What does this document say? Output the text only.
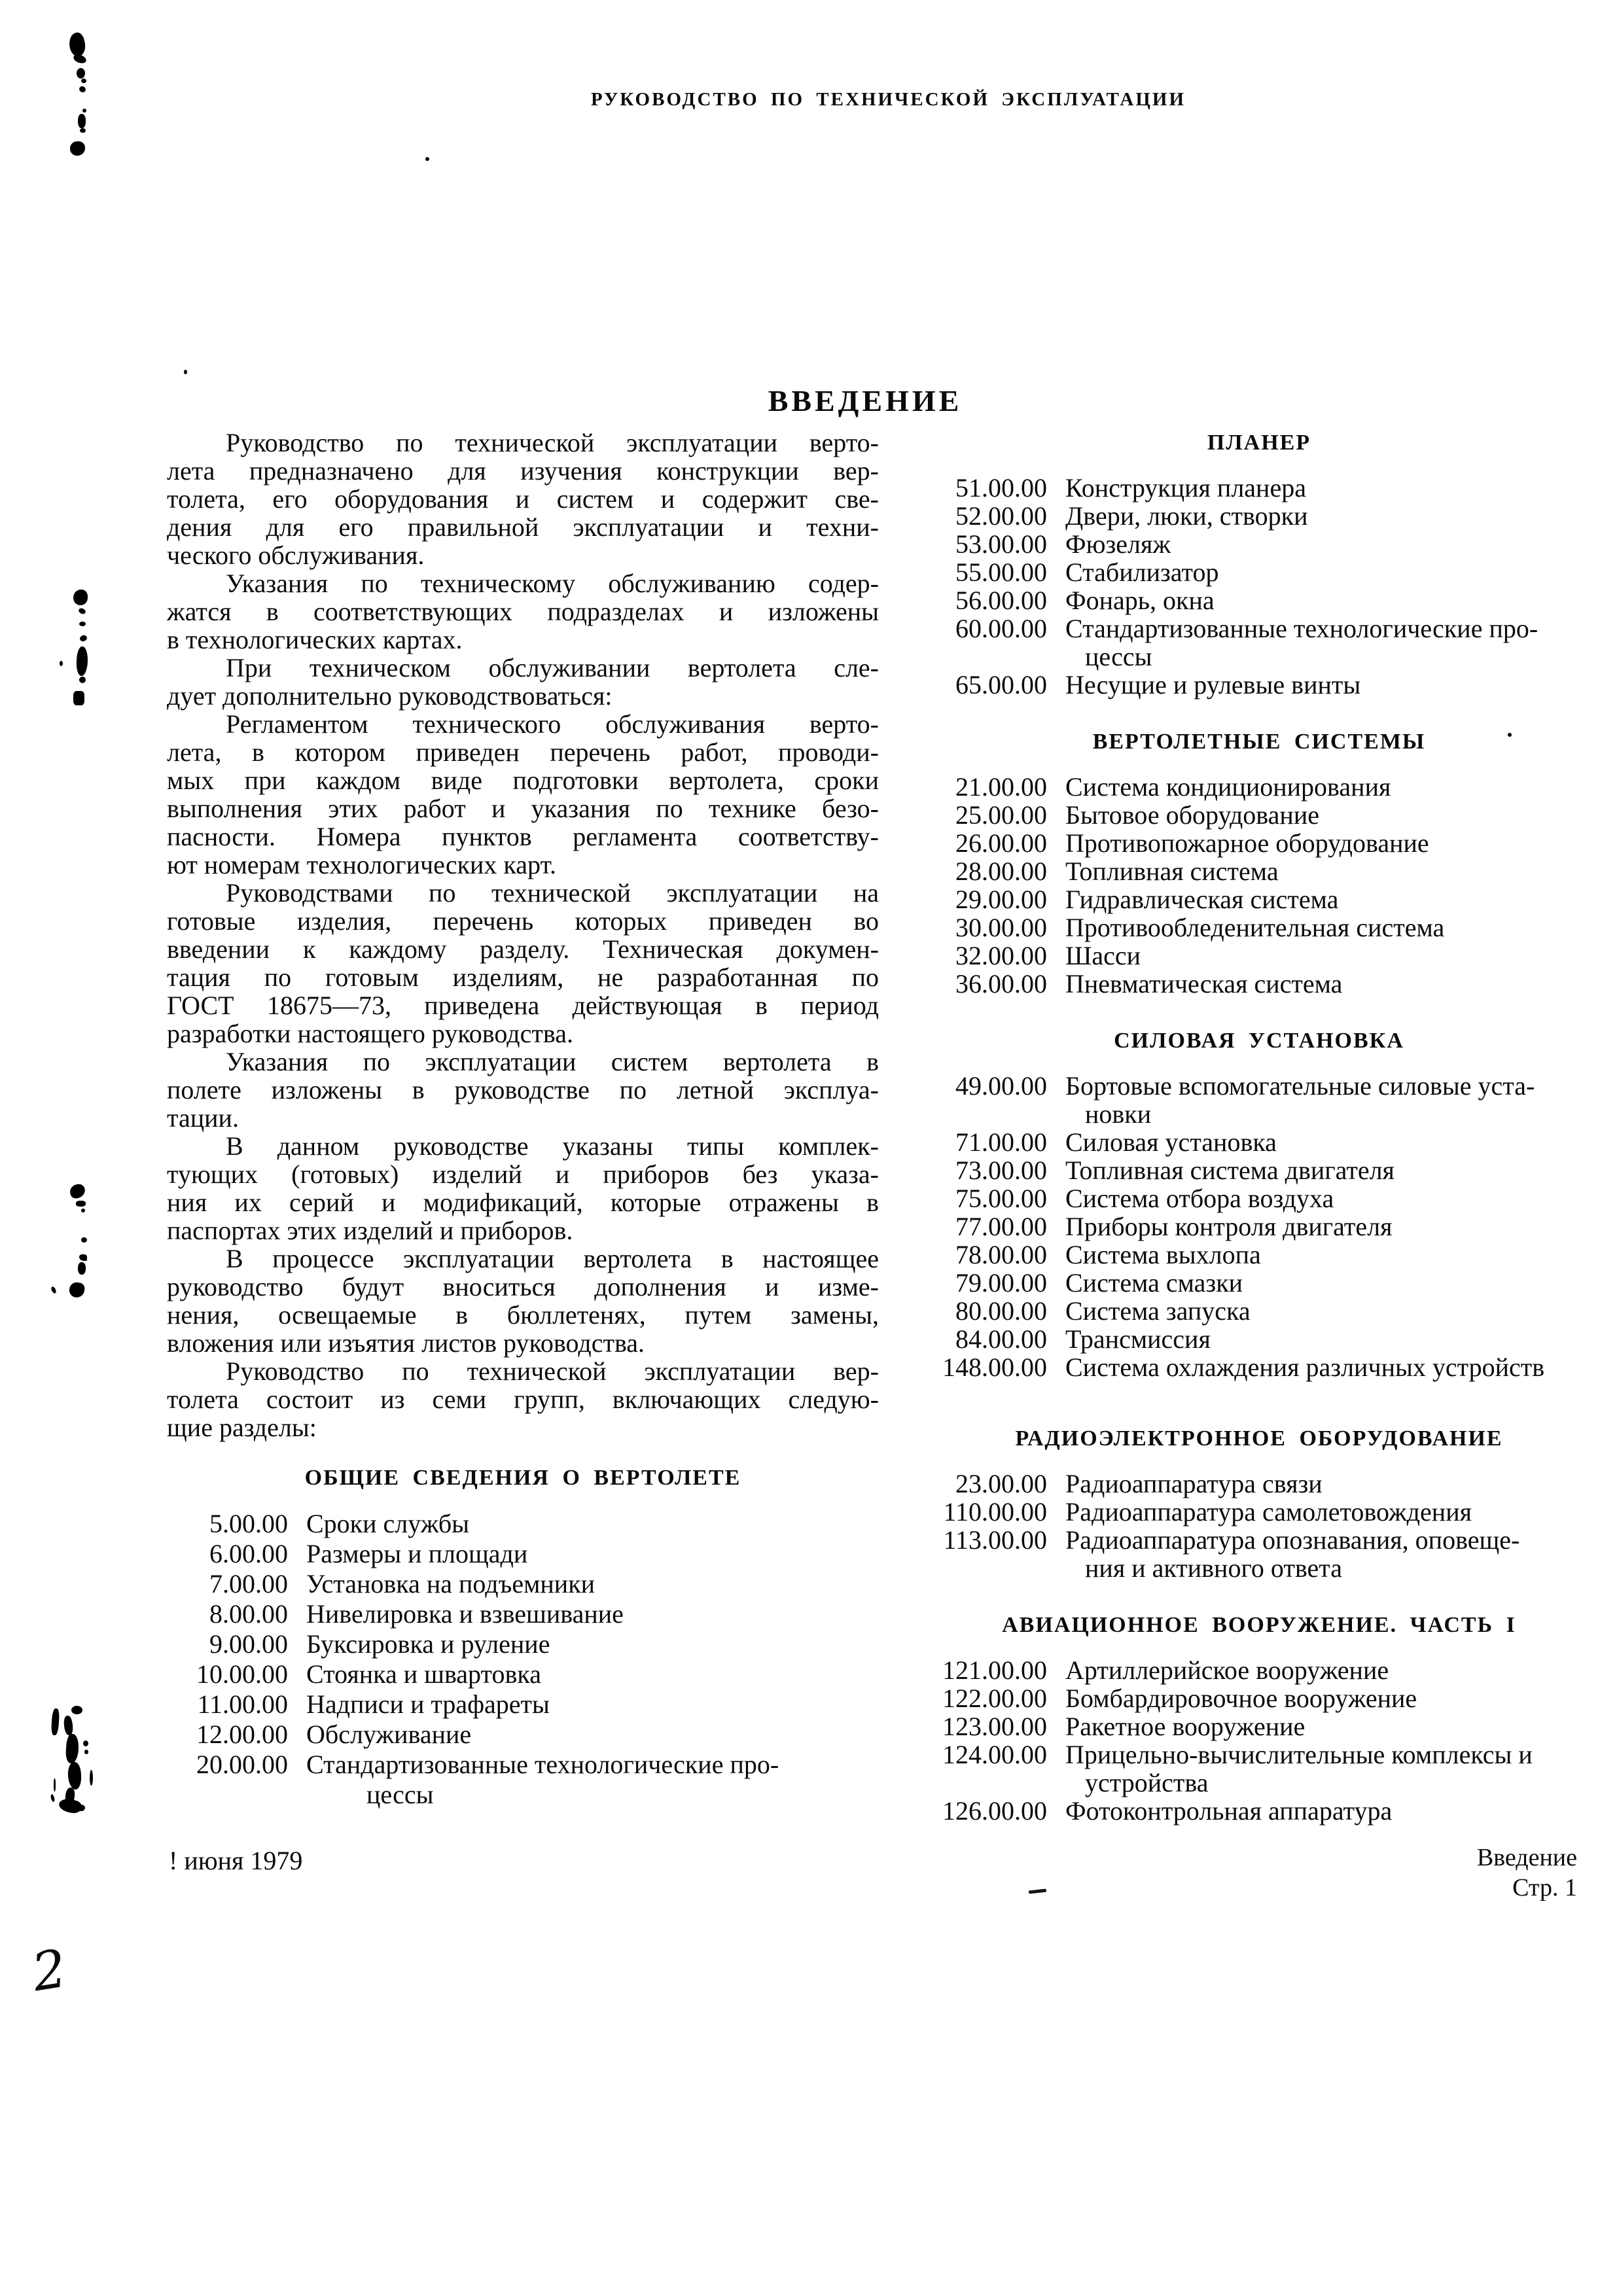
РУКОВОДСТВО ПО ТЕХНИЧЕСКОЙ ЭКСПЛУАТАЦИИ
ВВЕДЕНИЕ
Руководство по технической эксплуатации верто-
лета предназначено для изучения конструкции вер-
толета, его оборудования и систем и содержит све-
дения для его правильной эксплуатации и техни-
ческого обслуживания.
Указания по техническому обслуживанию содер-
жатся в соответствующих подразделах и изложены
в технологических картах.
При техническом обслуживании вертолета сле-
дует дополнительно руководствоваться:
Регламентом технического обслуживания верто-
лета, в котором приведен перечень работ, проводи-
мых при каждом виде подготовки вертолета, сроки
выполнения этих работ и указания по технике безо-
пасности. Номера пунктов регламента соответству-
ют номерам технологических карт.
Руководствами по технической эксплуатации на
готовые изделия, перечень которых приведен во
введении к каждому разделу. Техническая докумен-
тация по готовым изделиям, не разработанная по
ГОСТ 18675—73, приведена действующая в период
разработки настоящего руководства.
Указания по эксплуатации систем вертолета в
полете изложены в руководстве по летной эксплуа-
тации.
В данном руководстве указаны типы комплек-
тующих (готовых) изделий и приборов без указа-
ния их серий и модификаций, которые отражены в
паспортах этих изделий и приборов.
В процессе эксплуатации вертолета в настоящее
руководство будут вноситься дополнения и изме-
нения, освещаемые в бюллетенях, путем замены,
вложения или изъятия листов руководства.
Руководство по технической эксплуатации вер-
толета состоит из семи групп, включающих следую-
щие разделы:
ОБЩИЕ СВЕДЕНИЯ О ВЕРТОЛЕТЕ
5.00.00 Сроки службы
6.00.00 Размеры и площади
7.00.00 Установка на подъемники
8.00.00 Нивелировка и взвешивание
9.00.00 Буксировка и руление
10.00.00 Стоянка и швартовка
11.00.00 Надписи и трафареты
12.00.00 Обслуживание
20.00.00 Стандартизованные технологические про-
цессы
ПЛАНЕР
51.00.00 Конструкция планера
52.00.00 Двери, люки, створки
53.00.00 Фюзеляж
55.00.00 Стабилизатор
56.00.00 Фонарь, окна
60.00.00 Стандартизованные технологические про-
цессы
65.00.00 Несущие и рулевые винты
ВЕРТОЛЕТНЫЕ СИСТЕМЫ
21.00.00 Система кондиционирования
25.00.00 Бытовое оборудование
26.00.00 Противопожарное оборудование
28.00.00 Топливная система
29.00.00 Гидравлическая система
30.00.00 Противообледенительная система
32.00.00 Шасси
36.00.00 Пневматическая система
СИЛОВАЯ УСТАНОВКА
49.00.00 Бортовые вспомогательные силовые уста-
новки
71.00.00 Силовая установка
73.00.00 Топливная система двигателя
75.00.00 Система отбора воздуха
77.00.00 Приборы контроля двигателя
78.00.00 Система выхлопа
79.00.00 Система смазки
80.00.00 Система запуска
84.00.00 Трансмиссия
148.00.00 Система охлаждения различных устройств
РАДИОЭЛЕКТРОННОЕ ОБОРУДОВАНИЕ
23.00.00 Радиоаппаратура связи
110.00.00 Радиоаппаратура самолетовождения
113.00.00 Радиоаппаратура опознавания, оповеще-
ния и активного ответа
АВИАЦИОННОЕ ВООРУЖЕНИЕ. ЧАСТЬ I
121.00.00 Артиллерийское вооружение
122.00.00 Бомбардировочное вооружение
123.00.00 Ракетное вооружение
124.00.00 Прицельно-вычислительные комплексы и
устройства
126.00.00 Фотоконтрольная аппаратура
! июня 1979	Введение
Стр. 1
2
